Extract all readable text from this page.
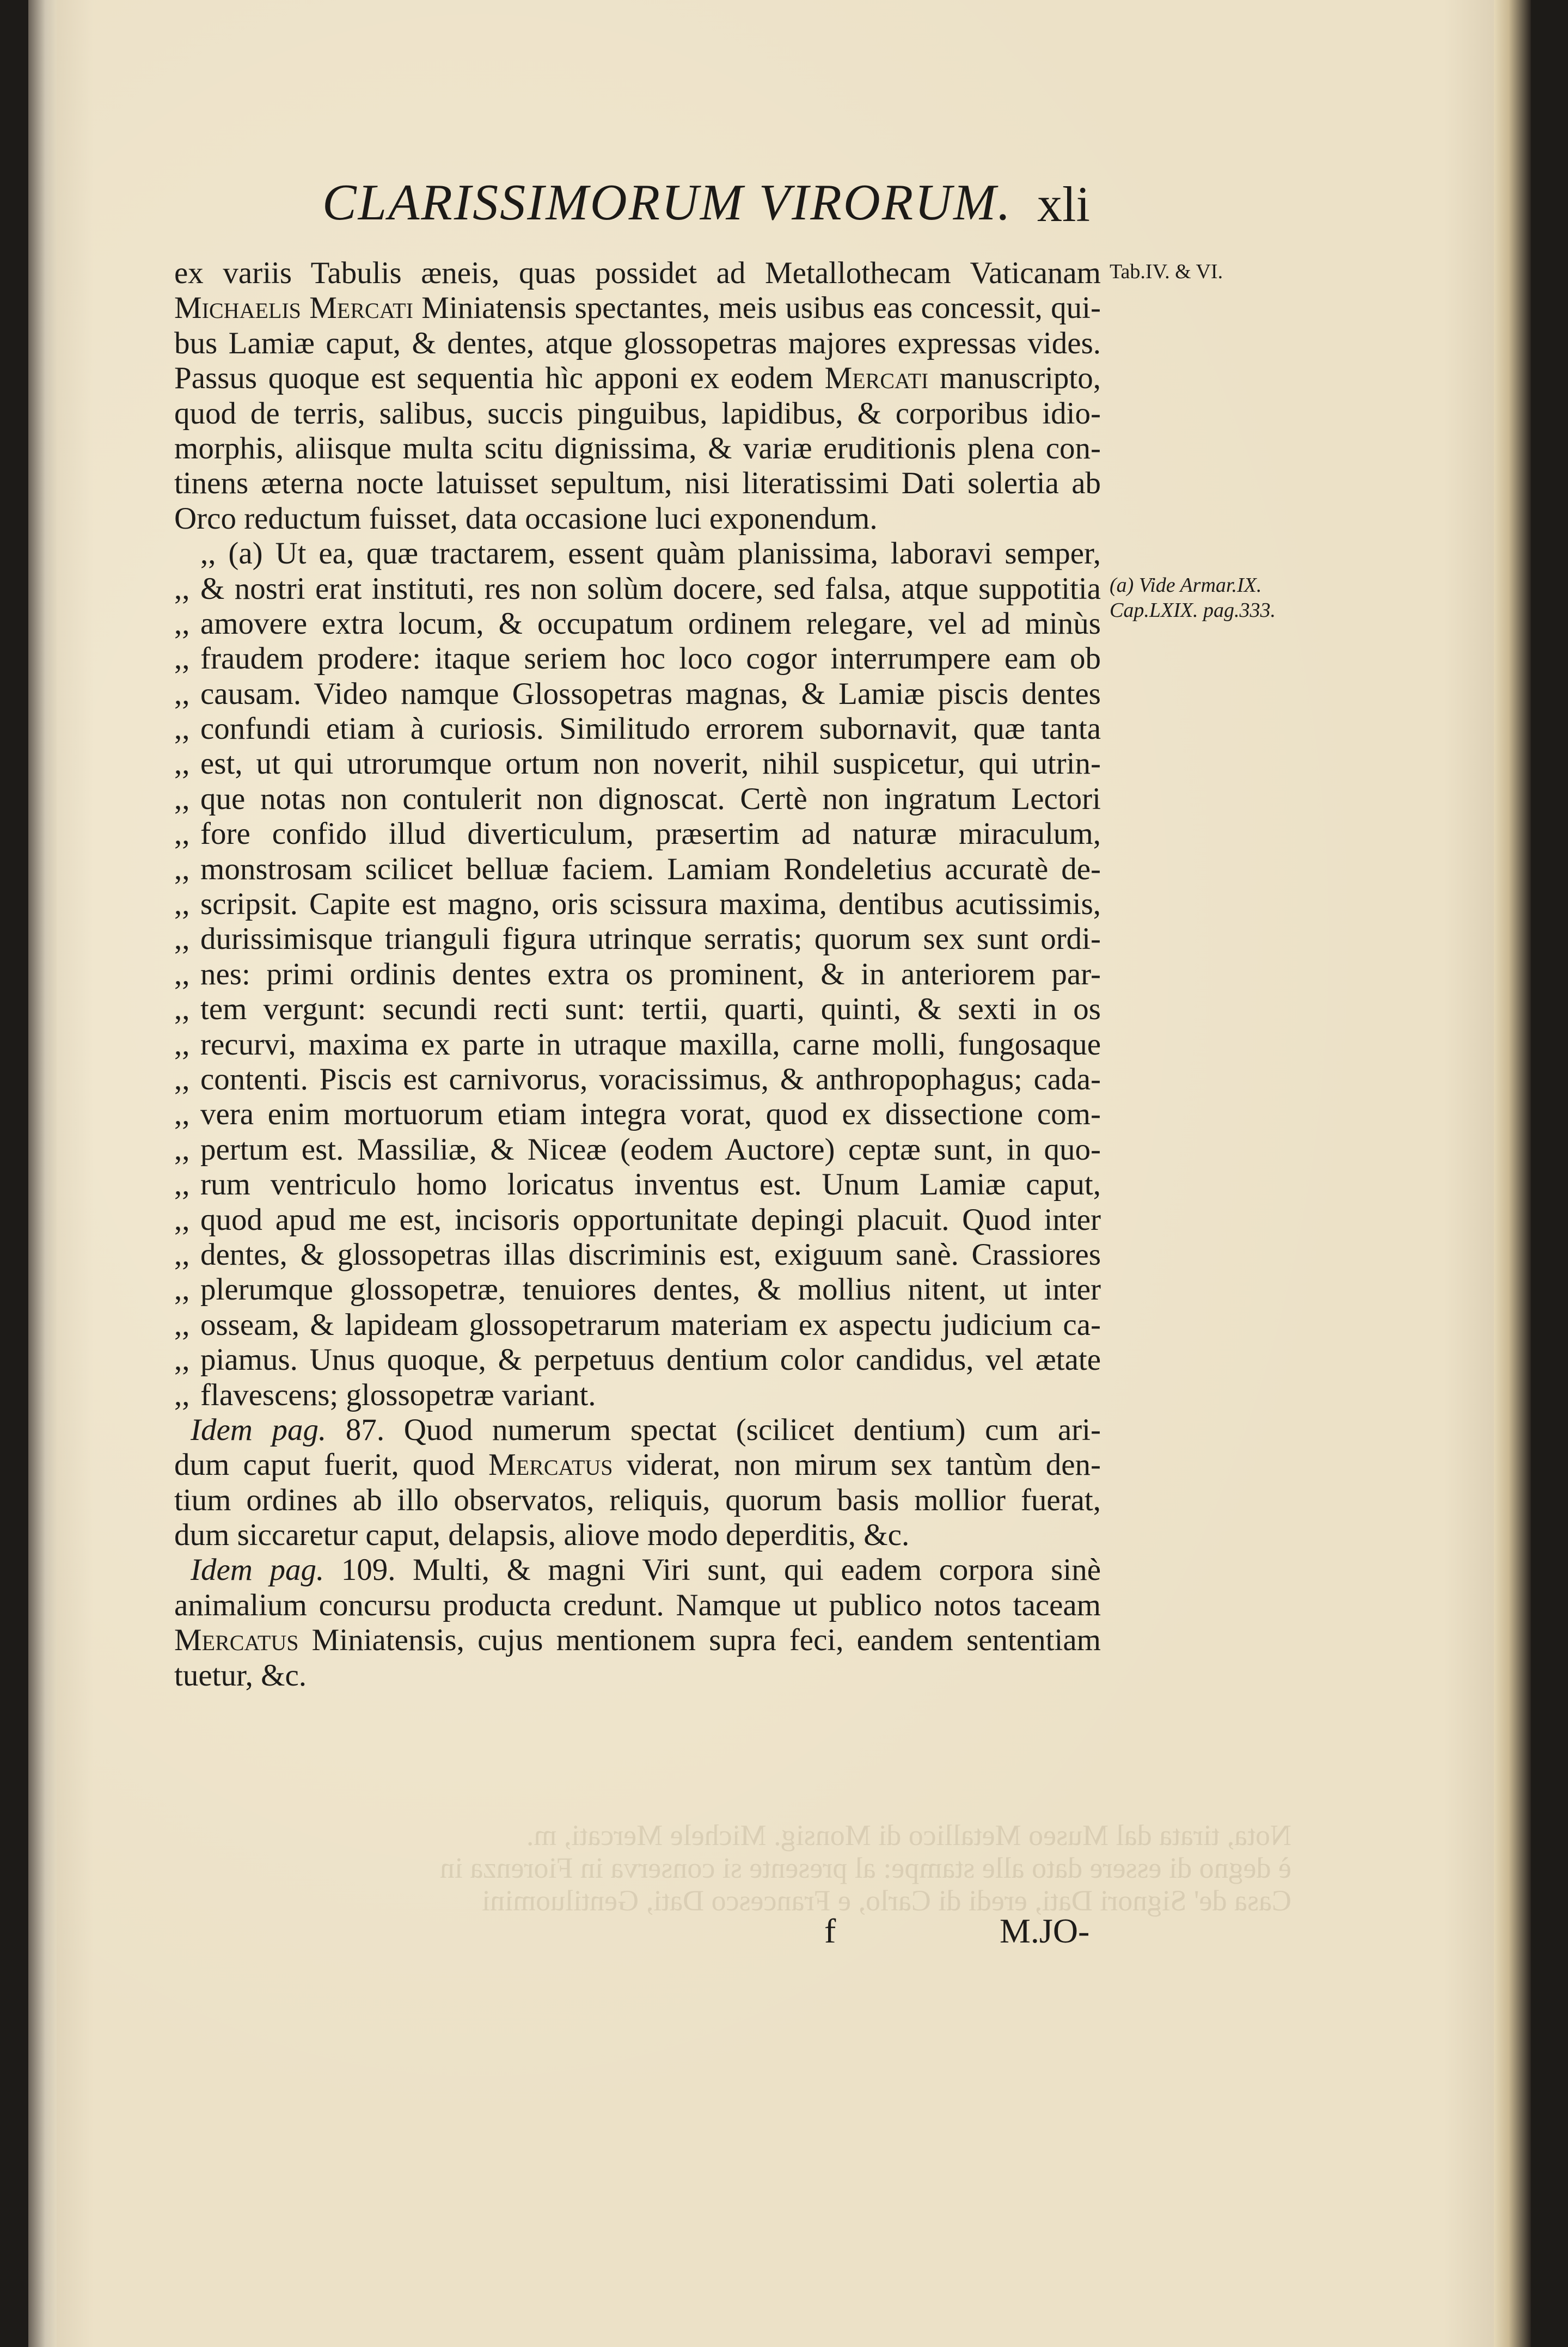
Nota, tirata dal Museo Metallico di Monsig. Michele Mercati, m.
è degno di essere dato alle stampe: al presente si conserva in Fiorenza in
Casa de' Signori Dati, eredi di Carlo, e Francesco Dati, Gentiluomini
CLARISSIMORUM VIRORUM. xli
ex variis Tabulis æneis, quas possidet ad Metallothecam Vaticanam
Michaelis Mercati Miniatensis spectantes, meis usibus eas concessit, qui-
bus Lamiæ caput, & dentes, atque glossopetras majores expressas vides.
Passus quoque est sequentia hìc apponi ex eodem Mercati manuscripto,
quod de terris, salibus, succis pinguibus, lapidibus, & corporibus idio-
morphis, aliisque multa scitu dignissima, & variæ eruditionis plena con-
tinens æterna nocte latuisset sepultum, nisi literatissimi Dati solertia ab
Orco reductum fuisset, data occasione luci exponendum.
,, (a) Ut ea, quæ tractarem, essent quàm planissima, laboravi semper,
,, & nostri erat instituti, res non solùm docere, sed falsa, atque suppotitia
,, amovere extra locum, & occupatum ordinem relegare, vel ad minùs
,, fraudem prodere: itaque seriem hoc loco cogor interrumpere eam ob
,, causam. Video namque Glossopetras magnas, & Lamiæ piscis dentes
,, confundi etiam à curiosis. Similitudo errorem subornavit, quæ tanta
,, est, ut qui utrorumque ortum non noverit, nihil suspicetur, qui utrin-
,, que notas non contulerit non dignoscat. Certè non ingratum Lectori
,, fore confido illud diverticulum, præsertim ad naturæ miraculum,
,, monstrosam scilicet belluæ faciem. Lamiam Rondeletius accuratè de-
,, scripsit. Capite est magno, oris scissura maxima, dentibus acutissimis,
,, durissimisque trianguli figura utrinque serratis; quorum sex sunt ordi-
,, nes: primi ordinis dentes extra os prominent, & in anteriorem par-
,, tem vergunt: secundi recti sunt: tertii, quarti, quinti, & sexti in os
,, recurvi, maxima ex parte in utraque maxilla, carne molli, fungosaque
,, contenti. Piscis est carnivorus, voracissimus, & anthropophagus; cada-
,, vera enim mortuorum etiam integra vorat, quod ex dissectione com-
,, pertum est. Massiliæ, & Niceæ (eodem Auctore) ceptæ sunt, in quo-
,, rum ventriculo homo loricatus inventus est. Unum Lamiæ caput,
,, quod apud me est, incisoris opportunitate depingi placuit. Quod inter
,, dentes, & glossopetras illas discriminis est, exiguum sanè. Crassiores
,, plerumque glossopetræ, tenuiores dentes, & mollius nitent, ut inter
,, osseam, & lapideam glossopetrarum materiam ex aspectu judicium ca-
,, piamus. Unus quoque, & perpetuus dentium color candidus, vel ætate
,, flavescens; glossopetræ variant.
Idem pag. 87. Quod numerum spectat (scilicet dentium) cum ari-
dum caput fuerit, quod Mercatus viderat, non mirum sex tantùm den-
tium ordines ab illo observatos, reliquis, quorum basis mollior fuerat,
dum siccaretur caput, delapsis, aliove modo deperditis, &c.
Idem pag. 109. Multi, & magni Viri sunt, qui eadem corpora sinè
animalium concursu producta credunt. Namque ut publico notos taceam
Mercatus Miniatensis, cujus mentionem supra feci, eandem sententiam
tuetur, &c.
Tab.IV. & VI.
(a) Vide Armar.IX.
Cap.LXIX. pag.333.
f	M.JO-
